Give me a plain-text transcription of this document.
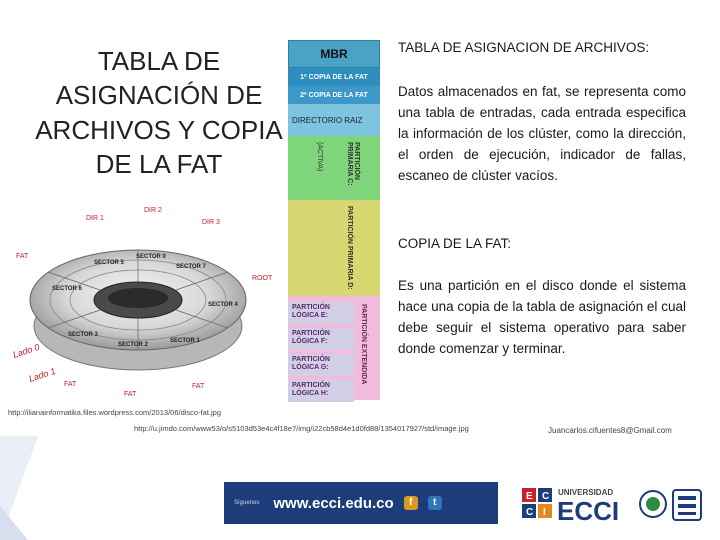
TABLA DE ASIGNACIÓN DE ARCHIVOS Y COPIA DE LA FAT
TABLA DE ASIGNACION DE ARCHIVOS:
Datos almacenados en fat, se representa como una tabla de entradas, cada entrada especifica la información de los clúster, como la dirección, el orden de ejecución, indicador de fallas, escaneo de clúster vacíos.
COPIA DE LA FAT:
Es una partición en el disco donde el sistema hace una copia de la tabla de asignación el cual debe seguir el sistema operativo para saber donde comenzar y terminar.
DIR 1
DIR 2
DIR 3
FAT
ROOT
Lado 0
Lado 1
FAT
FAT
FAT
SECTOR 5
SECTOR 6
SECTOR 7
SECTOR 0
SECTOR 4
SECTOR 3
SECTOR 2
SECTOR 1
MBR
1ª COPIA DE LA FAT
2ª COPIA DE LA FAT
DIRECTORIO RAIZ
(ACTIVA)	PARTICIÓN PRIMARIA C:
PARTICIÓN PRIMARIA D:
PARTICIÓN LÓGICA E:
PARTICIÓN LÓGICA F:
PARTICIÓN LÓGICA G:
PARTICIÓN LÓGICA H:
PARTICIÓN EXTENDIDA
http://ilianainformatika.files.wordpress.com/2013/06/disco-fat.jpg
http://u.jimdo.com/www53/o/s5103d53e4c4f18e7/img/i22cb58d4e1d0fd88/1354017927/std/image.jpg	Juancarlos.cifuentes8@Gmail.com
Síguenos www.ecci.edu.co	f	t
E C
C I
UNIVERSIDAD
ECCI
